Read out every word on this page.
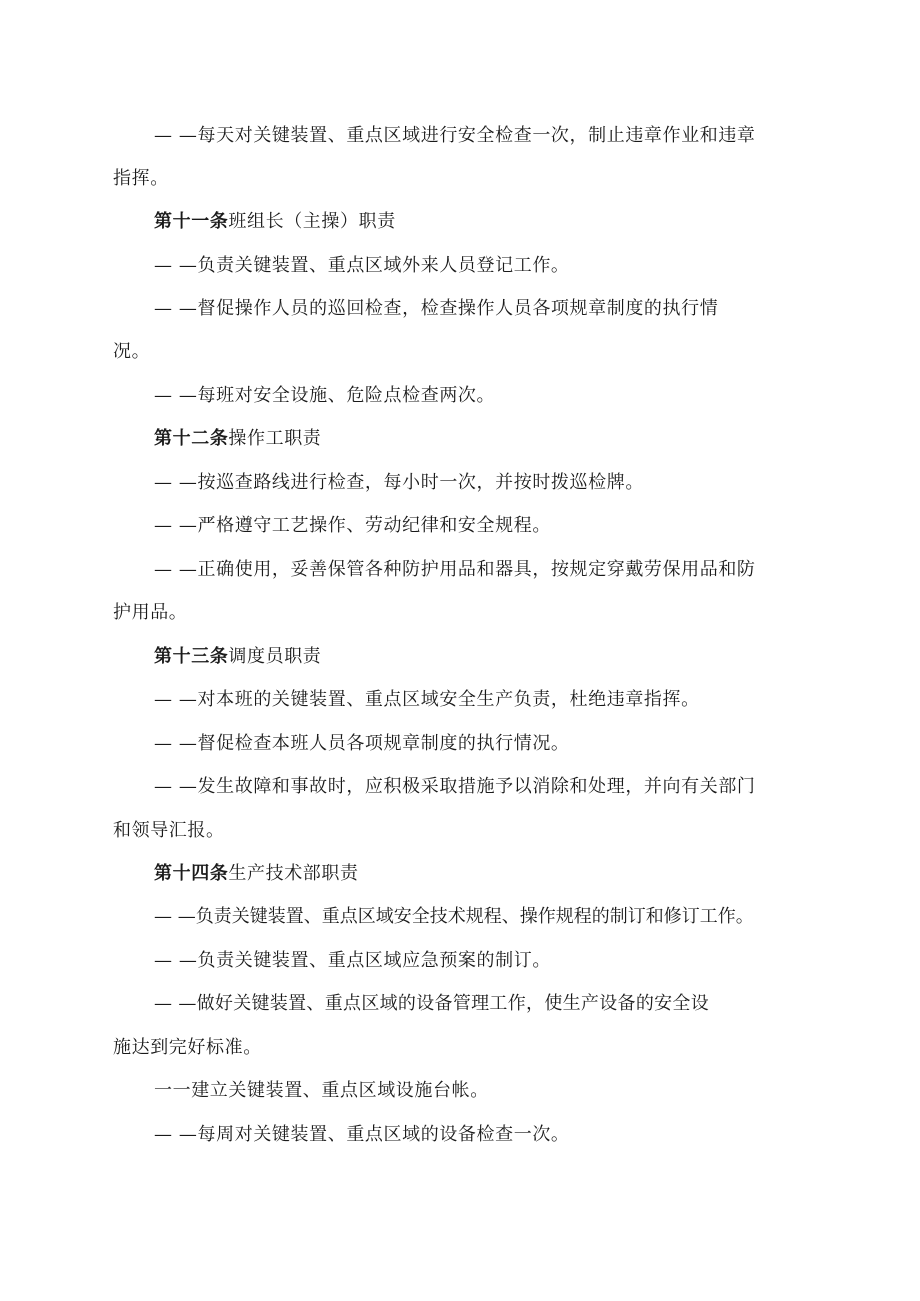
— —每天对关键装置、重点区域进行安全检查一次，制止违章作业和违章
指挥。
第十一条班组长（主操）职责
— —负责关键装置、重点区域外来人员登记工作。
— —督促操作人员的巡回检查，检查操作人员各项规章制度的执行情
况。
— —每班对安全设施、危险点检查两次。
第十二条操作工职责
— —按巡查路线进行检查，每小时一次，并按时拨巡检牌。
— —严格遵守工艺操作、劳动纪律和安全规程。
— —正确使用，妥善保管各种防护用品和器具，按规定穿戴劳保用品和防
护用品。
第十三条调度员职责
— —对本班的关键装置、重点区域安全生产负责，杜绝违章指挥。
— —督促检查本班人员各项规章制度的执行情况。
— —发生故障和事故时，应积极采取措施予以消除和处理，并向有关部门
和领导汇报。
第十四条生产技术部职责
— —负责关键装置、重点区域安全技术规程、操作规程的制订和修订工作。
— —负责关键装置、重点区域应急预案的制订。
— —做好关键装置、重点区域的设备管理工作，使生产设备的安全设
施达到完好标准。
一一建立关键装置、重点区域设施台帐。
— —每周对关键装置、重点区域的设备检查一次。
